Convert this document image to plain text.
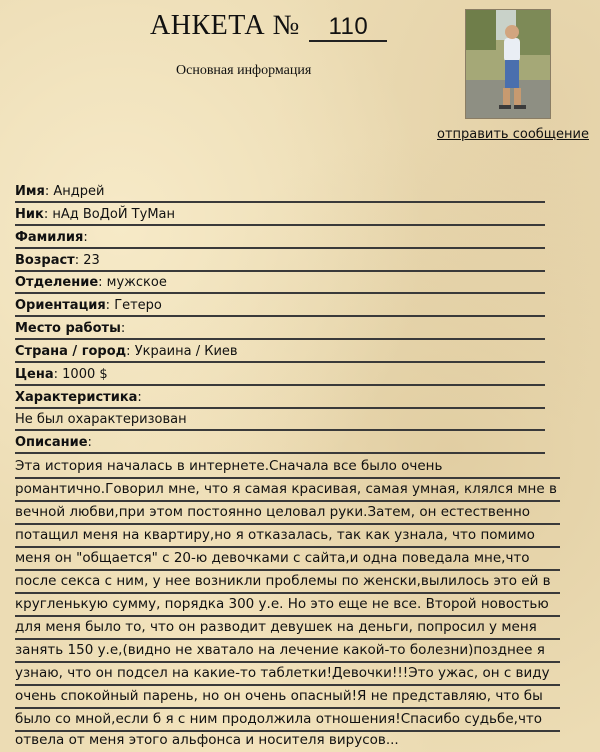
АНКЕТА № 110
Основная информация
отправить сообщение
Имя: Андрей
Ник: нАд ВоДоЙ ТуМан
Фамилия:
Возраст: 23
Отделение: мужское
Ориентация: Гетеро
Место работы:
Страна / город: Украина / Киев
Цена: 1000 $
Характеристика:
Не был охарактеризован
Описание:
Эта история началась в интернете.Сначала все было очень
романтично.Говорил мне, что я самая красивая, самая умная, клялся мне в
вечной любви,при этом постоянно целовал руки.Затем, он естественно
потащил меня на квартиру,но я отказалась, так как узнала, что помимо
меня он "общается" с 20-ю девочками с сайта,и одна поведала мне,что
после секса с ним, у нее возникли проблемы по женски,вылилось это ей в
кругленькую сумму, порядка 300 у.е. Но это еще не все. Второй новостью
для меня было то, что он разводит девушек на деньги, попросил у меня
занять 150 у.е,(видно не хватало на лечение какой-то болезни)позднее я
узнаю, что он подсел на какие-то таблетки!Девочки!!!Это ужас, он с виду
очень спокойный парень, но он очень опасный!Я не представляю, что бы
было со мной,если б я с ним продолжила отношения!Спасибо судьбе,что
отвела от меня этого альфонса и носителя вирусов...
